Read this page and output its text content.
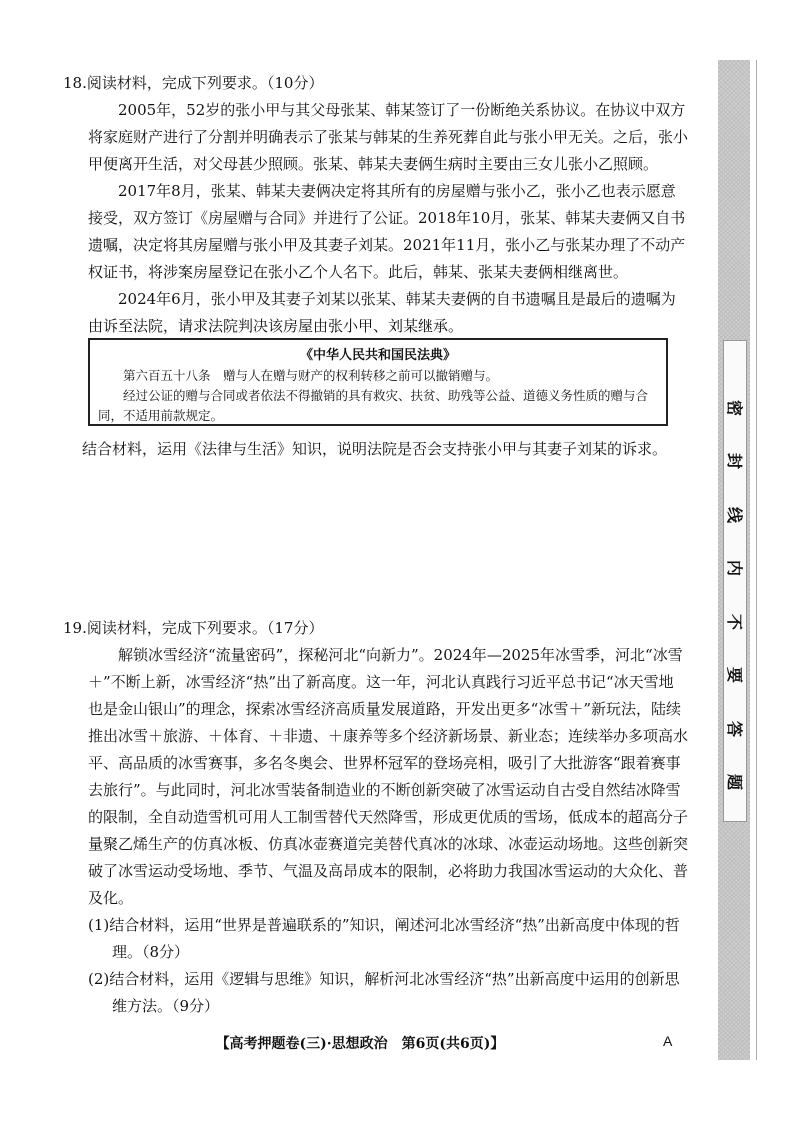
密
封
线
内
不
要
答
题

18.阅读材料，完成下列要求。（10分）

2005年，52岁的张小甲与其父母张某、韩某签订了一份断绝关系协议。在协议中双方将家庭财产进行了分割并明确表示了张某与韩某的生养死葬自此与张小甲无关。之后，张小甲便离开生活，对父母甚少照顾。张某、韩某夫妻俩生病时主要由三女儿张小乙照顾。

2017年8月，张某、韩某夫妻俩决定将其所有的房屋赠与张小乙，张小乙也表示愿意接受，双方签订《房屋赠与合同》并进行了公证。2018年10月，张某、韩某夫妻俩又自书遗嘱，决定将其房屋赠与张小甲及其妻子刘某。2021年11月，张小乙与张某办理了不动产权证书，将涉案房屋登记在张小乙个人名下。此后，韩某、张某夫妻俩相继离世。

2024年6月，张小甲及其妻子刘某以张某、韩某夫妻俩的自书遗嘱且是最后的遗嘱为由诉至法院，请求法院判决该房屋由张小甲、刘某继承。

《中华人民共和国民法典》

第六百五十八条　赠与人在赠与财产的权利转移之前可以撤销赠与。

经过公证的赠与合同或者依法不得撤销的具有救灾、扶贫、助残等公益、道德义务性质的赠与合同，不适用前款规定。

结合材料，运用《法律与生活》知识，说明法院是否会支持张小甲与其妻子刘某的诉求。

19.阅读材料，完成下列要求。（17分）

解锁冰雪经济“流量密码”，探秘河北“向新力”。2024年—2025年冰雪季，河北“冰雪＋”不断上新，冰雪经济“热”出了新高度。这一年，河北认真践行习近平总书记“冰天雪地也是金山银山”的理念，探索冰雪经济高质量发展道路，开发出更多“冰雪＋”新玩法，陆续推出冰雪＋旅游、＋体育、＋非遗、＋康养等多个经济新场景、新业态；连续举办多项高水平、高品质的冰雪赛事，多名冬奥会、世界杯冠军的登场亮相，吸引了大批游客“跟着赛事去旅行”。与此同时，河北冰雪装备制造业的不断创新突破了冰雪运动自古受自然结冰降雪的限制，全自动造雪机可用人工制雪替代天然降雪，形成更优质的雪场，低成本的超高分子量聚乙烯生产的仿真冰板、仿真冰壶赛道完美替代真冰的冰球、冰壶运动场地。这些创新突破了冰雪运动受场地、季节、气温及高昂成本的限制，必将助力我国冰雪运动的大众化、普及化。

(1)结合材料，运用“世界是普遍联系的”知识，阐述河北冰雪经济“热”出新高度中体现的哲理。（8分）

(2)结合材料，运用《逻辑与思维》知识，解析河北冰雪经济“热”出新高度中运用的创新思维方法。（9分）

【高考押题卷(三)·思想政治　第6页(共6页)】	A
